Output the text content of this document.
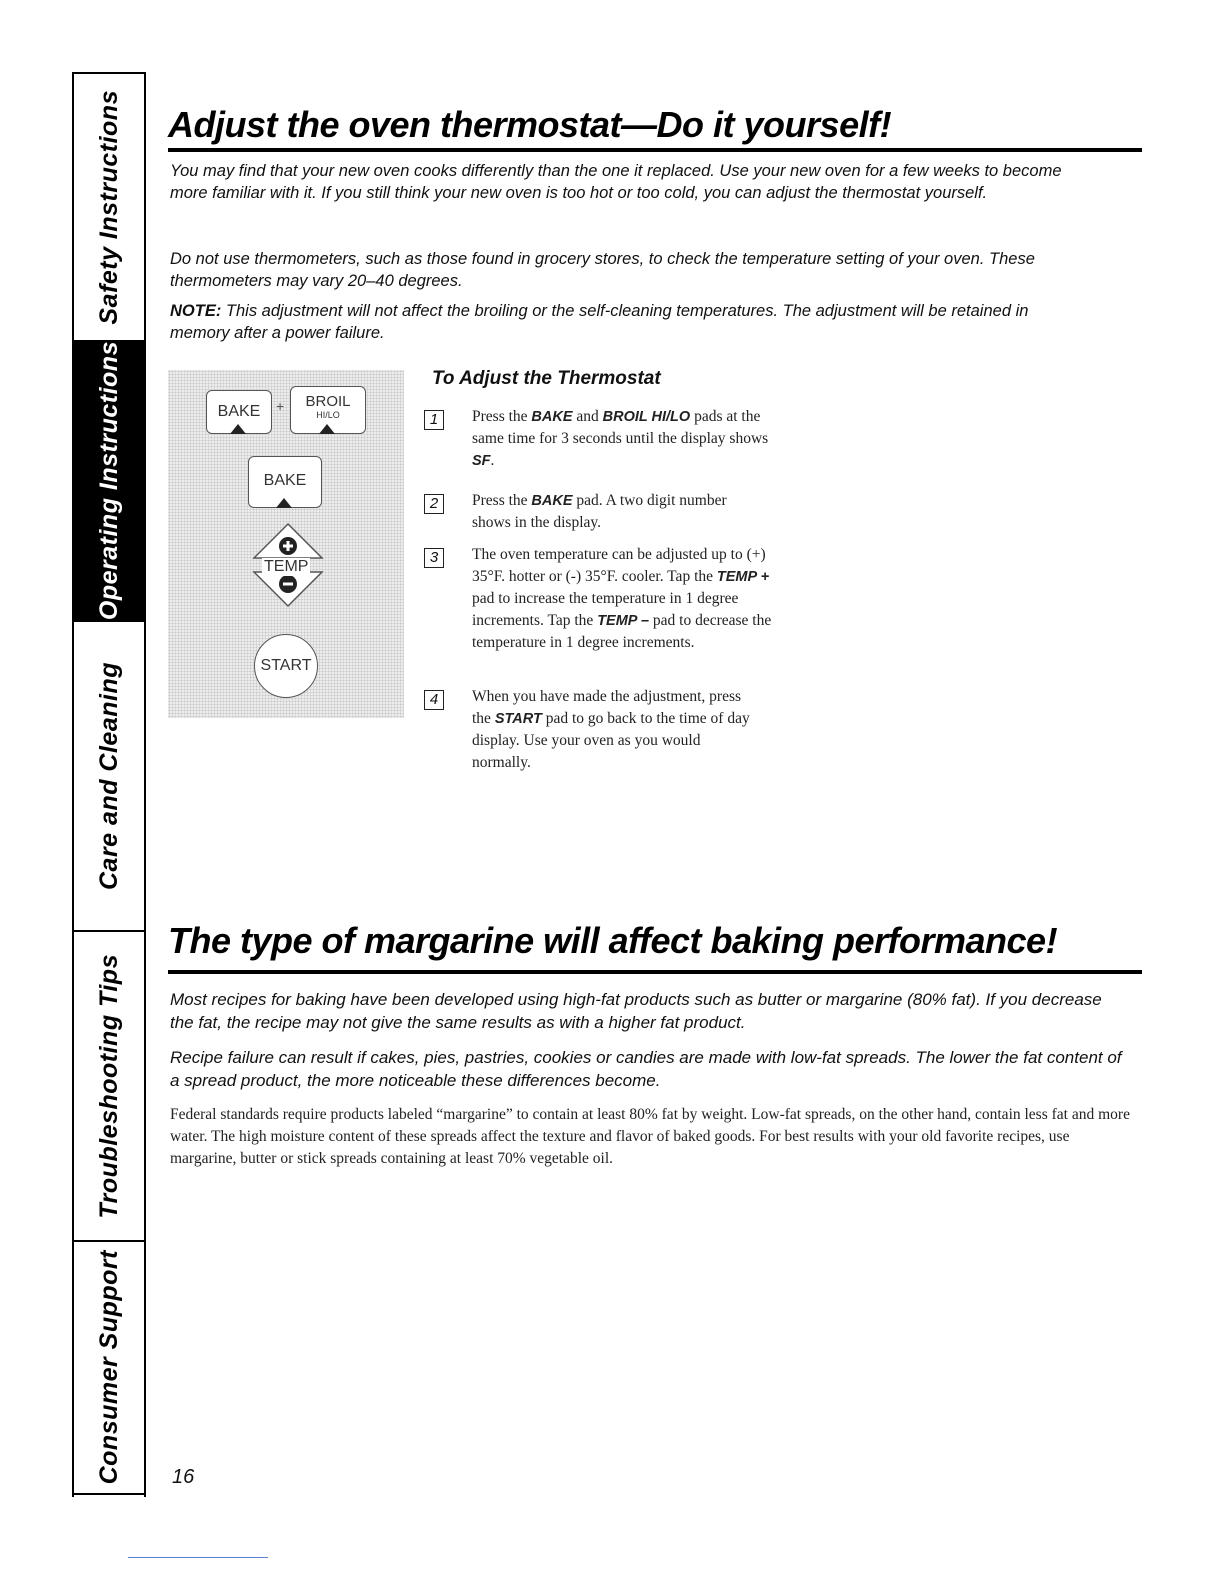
Safety Instructions
Operating Instructions
Care and Cleaning
Troubleshooting Tips
Consumer Support
Adjust the oven thermostat—Do it yourself!

You may find that your new oven cooks differently than the one it replaced. Use your new oven for a few weeks to become more familiar with it. If you still think your new oven is too hot or too cold, you can adjust the thermostat yourself.

Do not use thermometers, such as those found in grocery stores, to check the temperature setting of your oven. These thermometers may vary 20–40 degrees.

NOTE: This adjustment will not affect the broiling or the self-cleaning temperatures. The adjustment will be retained in memory after a power failure.

BAKE	+	BROIL
HI/LO
BAKE
TEMP
START
To Adjust the Thermostat
1	Press the BAKE and BROIL HI/LO pads at the same time for 3 seconds until the display shows SF.
2	Press the BAKE pad. A two digit number shows in the display.
3	The oven temperature can be adjusted up to (+) 35°F. hotter or (-) 35°F. cooler. Tap the TEMP + pad to increase the temperature in 1 degree increments. Tap the TEMP – pad to decrease the temperature in 1 degree increments.
4	When you have made the adjustment, press the START pad to go back to the time of day display. Use your oven as you would normally.
The type of margarine will affect baking performance!

Most recipes for baking have been developed using high-fat products such as butter or margarine (80% fat). If you decrease the fat, the recipe may not give the same results as with a higher fat product.

Recipe failure can result if cakes, pies, pastries, cookies or candies are made with low-fat spreads. The lower the fat content of a spread product, the more noticeable these differences become.

Federal standards require products labeled “margarine” to contain at least 80% fat by weight. Low-fat spreads, on the other hand, contain less fat and more water. The high moisture content of these spreads affect the texture and flavor of baked goods. For best results with your old favorite recipes, use margarine, butter or stick spreads containing at least 70% vegetable oil.

16
